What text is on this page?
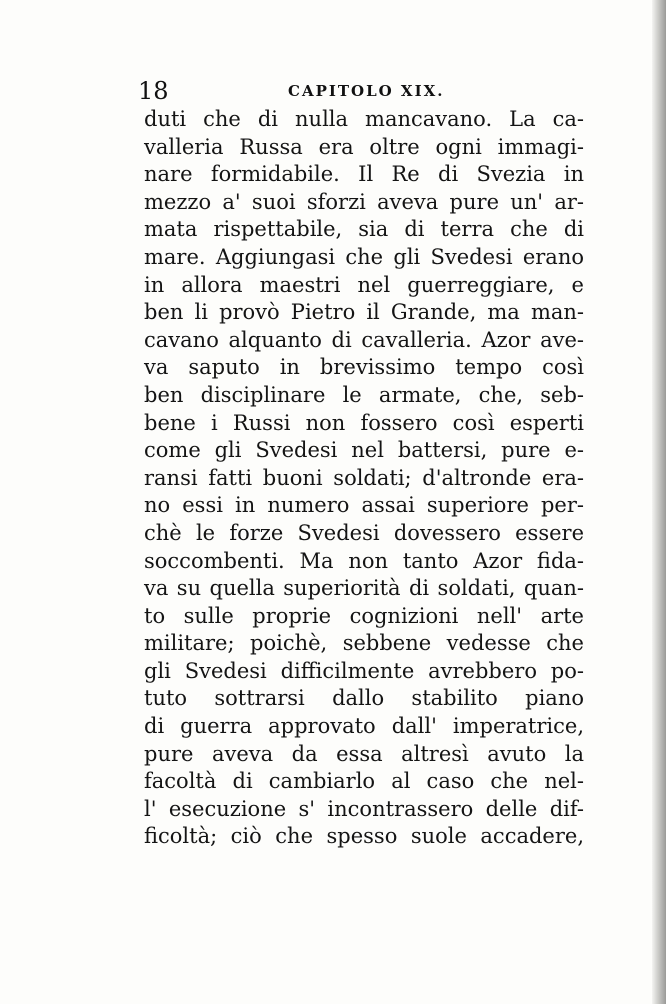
18	CAPITOLO XIX.
duti che di nulla mancavano. La ca-
valleria Russa era oltre ogni immagi-
nare formidabile. Il Re di Svezia in
mezzo a' suoi sforzi aveva pure un' ar-
mata rispettabile, sia di terra che di
mare. Aggiungasi che gli Svedesi erano
in allora maestri nel guerreggiare, e
ben li provò Pietro il Grande, ma man-
cavano alquanto di cavalleria. Azor ave-
va saputo in brevissimo tempo così
ben disciplinare le armate, che, seb-
bene i Russi non fossero così esperti
come gli Svedesi nel battersi, pure e-
ransi fatti buoni soldati; d'altronde era-
no essi in numero assai superiore per-
chè le forze Svedesi dovessero essere
soccombenti. Ma non tanto Azor fida-
va su quella superiorità di soldati, quan-
to sulle proprie cognizioni nell' arte
militare; poichè, sebbene vedesse che
gli Svedesi difficilmente avrebbero po-
tuto sottrarsi dallo stabilito piano
di guerra approvato dall' imperatrice,
pure aveva da essa altresì avuto la
facoltà di cambiarlo al caso che nel-
l' esecuzione s' incontrassero delle dif-
ficoltà; ciò che spesso suole accadere,
